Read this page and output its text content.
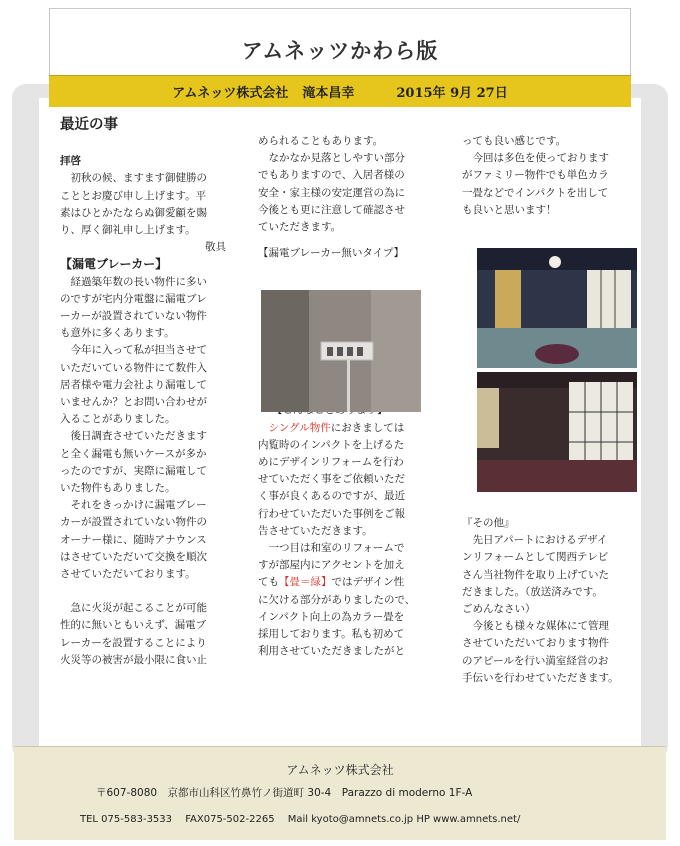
アムネッツかわら版
アムネッツ株式会社 滝本昌幸	2015年 9月 27日
最近の事

拝啓

初秋の候、ますます御健勝の

こととお慶び申し上げます。平

素はひとかたならぬ御愛顧を賜

り、厚く御礼申し上げます。

敬具

【漏電ブレーカー】

経過築年数の長い物件に多い

のですが宅内分電盤に漏電ブレ

ーカーが設置されていない物件

も意外に多くあります。

今年に入って私が担当させて

いただいている物件にて数件入

居者様や電力会社より漏電して

いませんか？とお問い合わせが

入ることがありました。

後日調査させていただきます

と全く漏電も無いケースが多か

ったのですが、実際に漏電して

いた物件もありました。

それをきっかけに漏電ブレー

カーが設置されていない物件の

オーナー様に、随時アナウンス

はさせていただいて交換を順次

させていただいております。

急に火災が起こることが可能

性的に無いともいえず、漏電ブ

レーカーを設置することにより

火災等の被害が最小限に食い止

められることもあります。

なかなか見落としやすい部分

でもありますので、入居者様の

安全・家主様の安定運営の為に

今後とも更に注意して確認させ

ていただきます。

【漏電ブレーカー無いタイプ】

シングル物件におきましては

内覧時のインパクトを上げるた

めにデザインリフォームを行わ

せていただく事をご依頼いただ

く事が良くあるのですが、最近

行わせていただいた事例をご報

告させていただきます。

一つ目は和室のリフォームで

すが部屋内にアクセントを加え

ても【畳＝緑】ではデザイン性

に欠ける部分がありましたので、

インパクト向上の為カラー畳を

採用しております。私も初めて

利用させていただきましたがと

っても良い感じです。

今回は多色を使っております

がファミリー物件でも単色カラ

一畳などでインパクトを出して

も良いと思います！

『その他』

先日アパートにおけるデザイ

ンリフォームとして関西テレビ

さん当社物件を取り上げていた

だきました。（放送済みです。

ごめんなさい）

今後とも様々な媒体にて管理

させていただいております物件

のアピールを行い満室経営のお

手伝いを行わせていただきます。

アムネッツ株式会社
〒607-8080　京都市山科区竹鼻竹ノ街道町 30-4　Parazzo di moderno 1F-A
TEL 075-583-3533　 FAX075-502-2265　 Mail kyoto@amnets.co.jp HP www.amnets.net/
